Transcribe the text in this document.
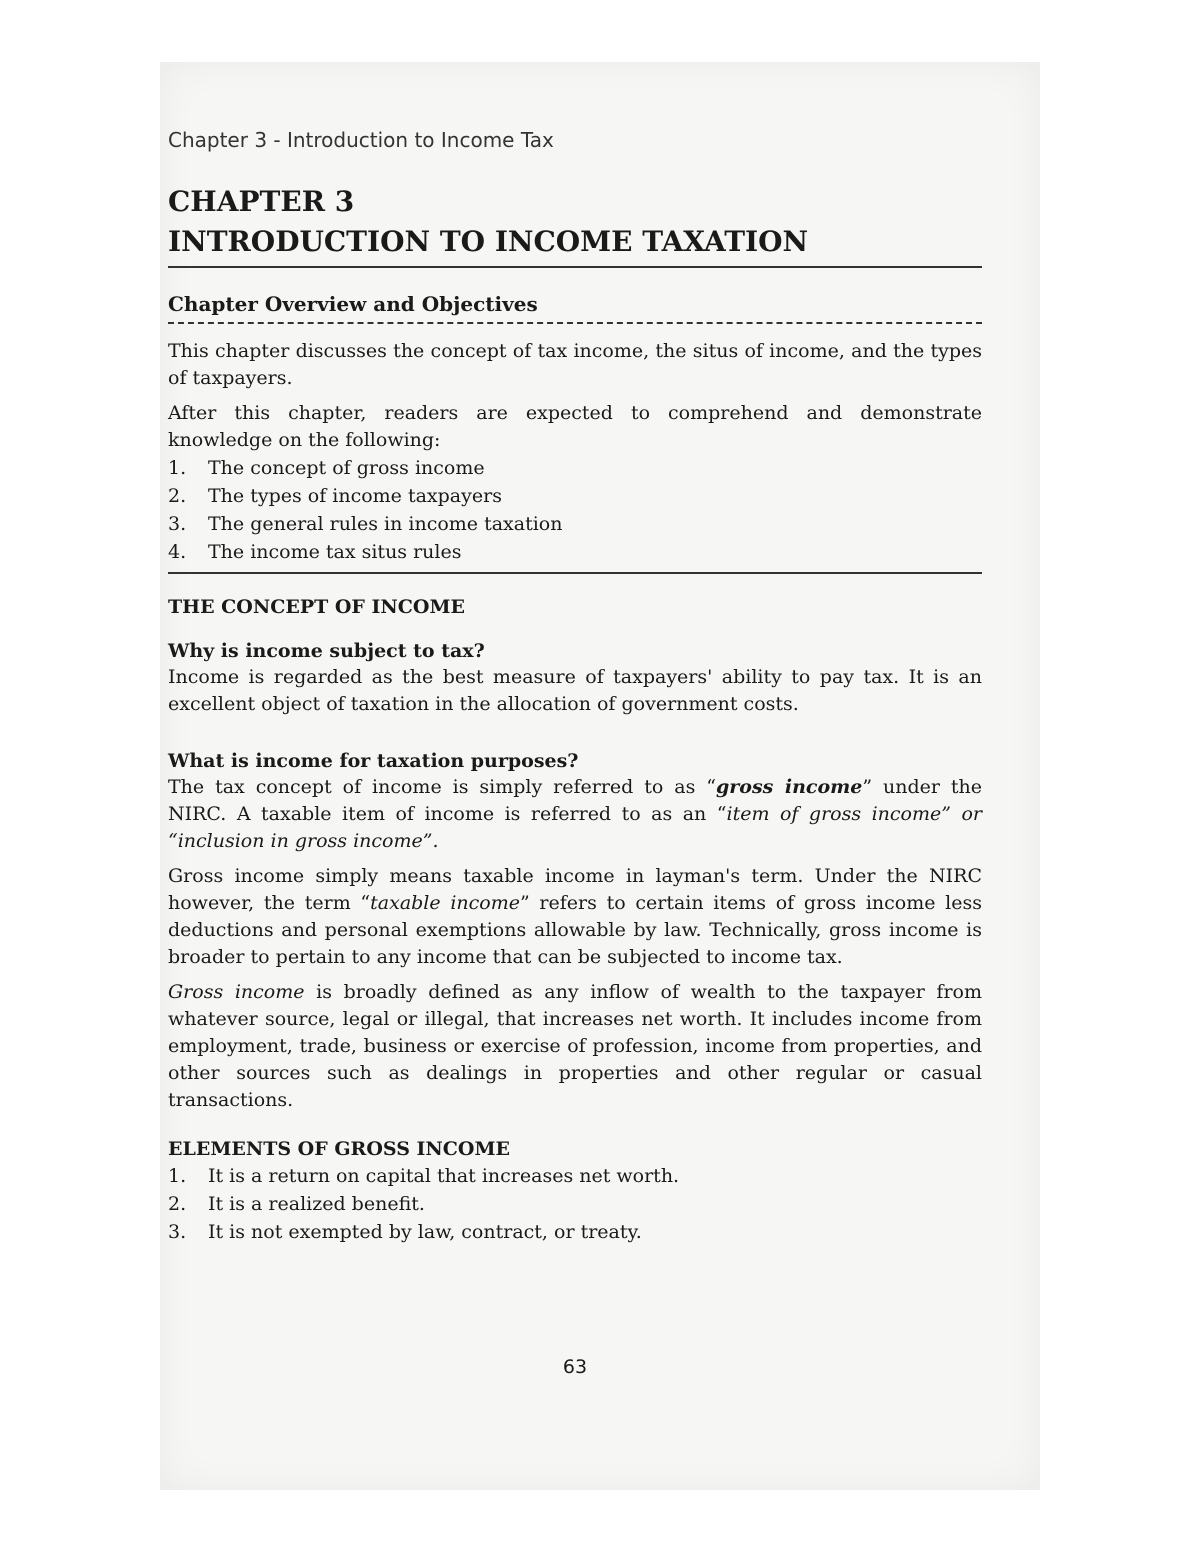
Chapter 3 - Introduction to Income Tax
CHAPTER 3
INTRODUCTION TO INCOME TAXATION
Chapter Overview and Objectives

This chapter discusses the concept of tax income, the situs of income, and the types of taxpayers.

After this chapter, readers are expected to comprehend and demonstrate knowledge on the following:

1.	The concept of gross income
2.	The types of income taxpayers
3.	The general rules in income taxation
4.	The income tax situs rules
THE CONCEPT OF INCOME
Why is income subject to tax?

Income is regarded as the best measure of taxpayers' ability to pay tax. It is an excellent object of taxation in the allocation of government costs.

What is income for taxation purposes?

The tax concept of income is simply referred to as “gross income” under the NIRC. A taxable item of income is referred to as an “item of gross income” or “inclusion in gross income”.

Gross income simply means taxable income in layman's term. Under the NIRC however, the term “taxable income” refers to certain items of gross income less deductions and personal exemptions allowable by law. Technically, gross income is broader to pertain to any income that can be subjected to income tax.

Gross income is broadly defined as any inflow of wealth to the taxpayer from whatever source, legal or illegal, that increases net worth. It includes income from employment, trade, business or exercise of profession, income from properties, and other sources such as dealings in properties and other regular or casual transactions.

ELEMENTS OF GROSS INCOME
1.	It is a return on capital that increases net worth.
2.	It is a realized benefit.
3.	It is not exempted by law, contract, or treaty.
63
